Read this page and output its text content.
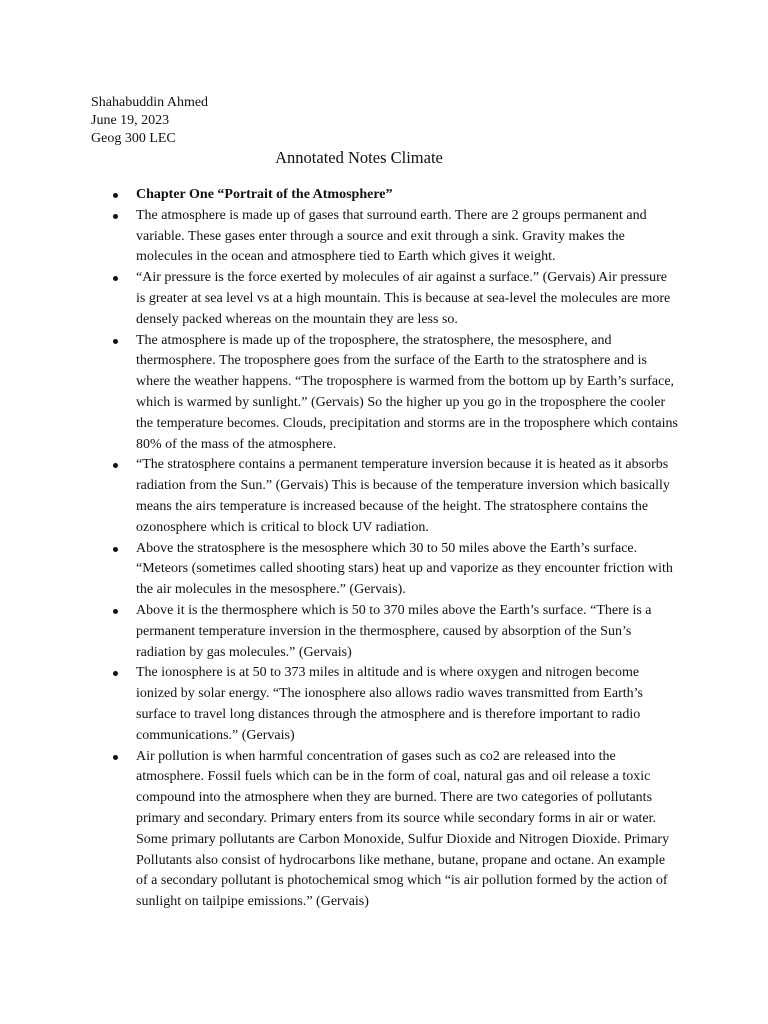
Shahabuddin Ahmed
June 19, 2023
Geog 300 LEC
Annotated Notes Climate
Chapter One “Portrait of the Atmosphere”
The atmosphere is made up of gases that surround earth. There are 2 groups permanent and variable. These gases enter through a source and exit through a sink. Gravity makes the molecules in the ocean and atmosphere tied to Earth which gives it weight.
“Air pressure is the force exerted by molecules of air against a surface.” (Gervais) Air pressure is greater at sea level vs at a high mountain. This is because at sea-level the molecules are more densely packed whereas on the mountain they are less so.
The atmosphere is made up of the troposphere, the stratosphere, the mesosphere, and thermosphere. The troposphere goes from the surface of the Earth to the stratosphere and is where the weather happens. “The troposphere is warmed from the bottom up by Earth’s surface, which is warmed by sunlight.” (Gervais) So the higher up you go in the troposphere the cooler the temperature becomes. Clouds, precipitation and storms are in the troposphere which contains 80% of the mass of the atmosphere.
“The stratosphere contains a permanent temperature inversion because it is heated as it absorbs radiation from the Sun.” (Gervais) This is because of the temperature inversion which basically means the airs temperature is increased because of the height. The stratosphere contains the ozonosphere which is critical to block UV radiation.
Above the stratosphere is the mesosphere which 30 to 50 miles above the Earth’s surface. “Meteors (sometimes called shooting stars) heat up and vaporize as they encounter friction with the air molecules in the mesosphere.” (Gervais).
Above it is the thermosphere which is 50 to 370 miles above the Earth’s surface. “There is a permanent temperature inversion in the thermosphere, caused by absorption of the Sun’s radiation by gas molecules.” (Gervais)
The ionosphere is at 50 to 373 miles in altitude and is where oxygen and nitrogen become ionized by solar energy. “The ionosphere also allows radio waves transmitted from Earth’s surface to travel long distances through the atmosphere and is therefore important to radio communications.” (Gervais)
Air pollution is when harmful concentration of gases such as co2 are released into the atmosphere. Fossil fuels which can be in the form of coal, natural gas and oil release a toxic compound into the atmosphere when they are burned. There are two categories of pollutants primary and secondary. Primary enters from its source while secondary forms in air or water. Some primary pollutants are Carbon Monoxide, Sulfur Dioxide and Nitrogen Dioxide. Primary Pollutants also consist of hydrocarbons like methane, butane, propane and octane. An example of a secondary pollutant is photochemical smog which “is air pollution formed by the action of sunlight on tailpipe emissions.” (Gervais)
